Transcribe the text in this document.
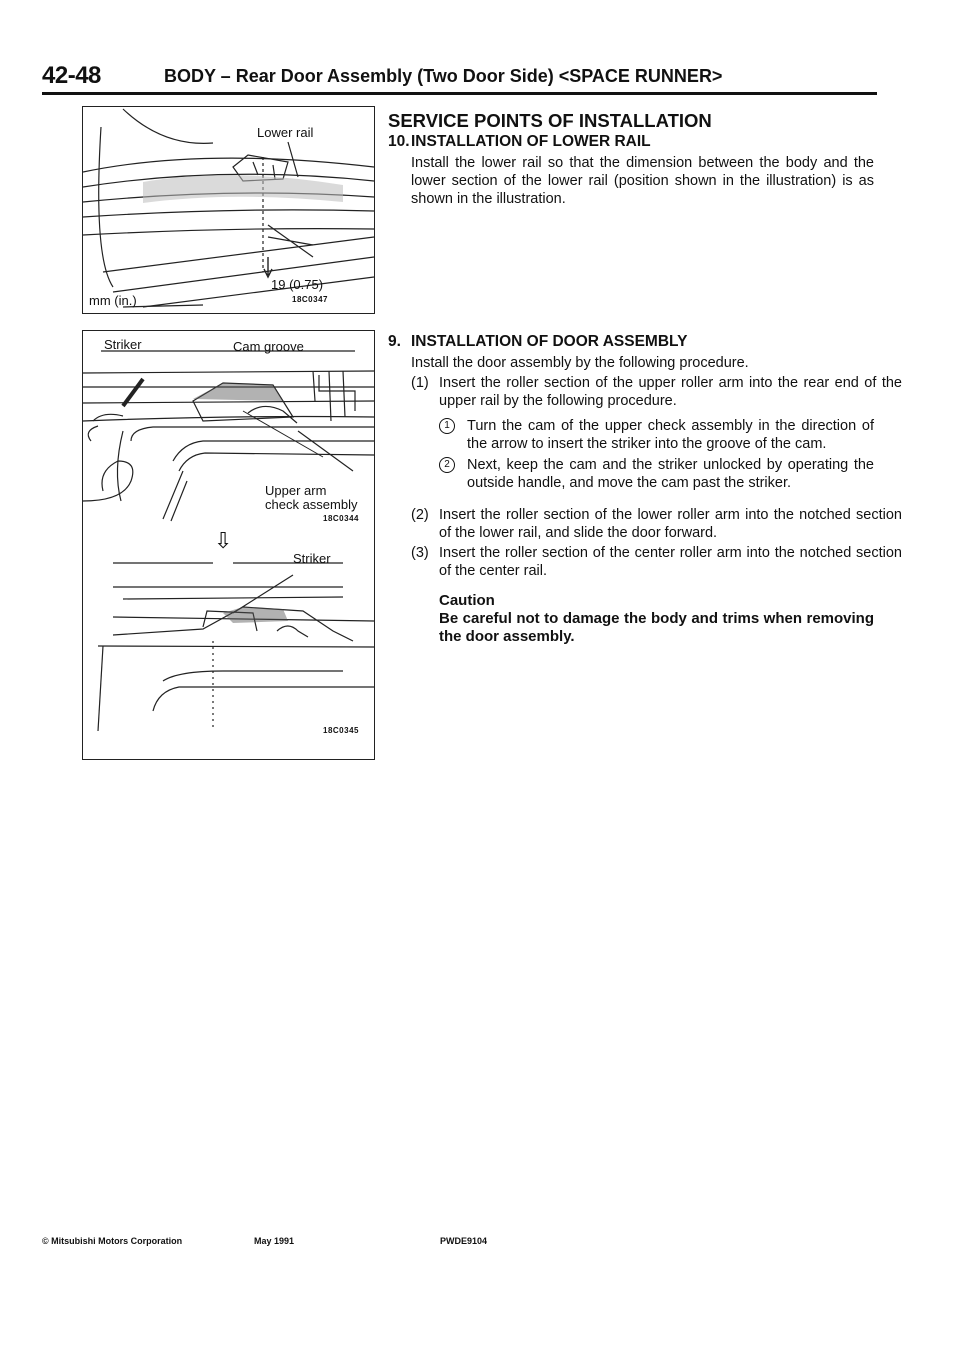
42-48	BODY – Rear Door Assembly (Two Door Side) <SPACE RUNNER>
Lower rail
19 (0.75)
mm (in.)	18C0347
Striker	Cam groove
Upper arm
check assembly
18C0344
⇩
Striker
18C0345

SERVICE POINTS OF INSTALLATION

10.INSTALLATION OF LOWER RAIL

Install the lower rail so that the dimension between the body and the lower section of the lower rail (position shown in the illustration) is as shown in the illustration.

9. INSTALLATION OF DOOR ASSEMBLY

Install the door assembly by the following procedure.
(1) Insert the roller section of the upper roller arm into the rear end of the upper rail by the following procedure.
1	Turn the cam of the upper check assembly in the direction of the arrow to insert the striker into the groove of the cam.
2	Next, keep the cam and the striker unlocked by operating the outside handle, and move the cam past the striker.
(2) Insert the roller section of the lower roller arm into the notched section of the lower rail, and slide the door forward.
(3) Insert the roller section of the center roller arm into the notched section of the center rail.
Caution
Be careful not to damage the body and trims when removing the door assembly.
© Mitsubishi Motors Corporation	May 1991	PWDE9104
